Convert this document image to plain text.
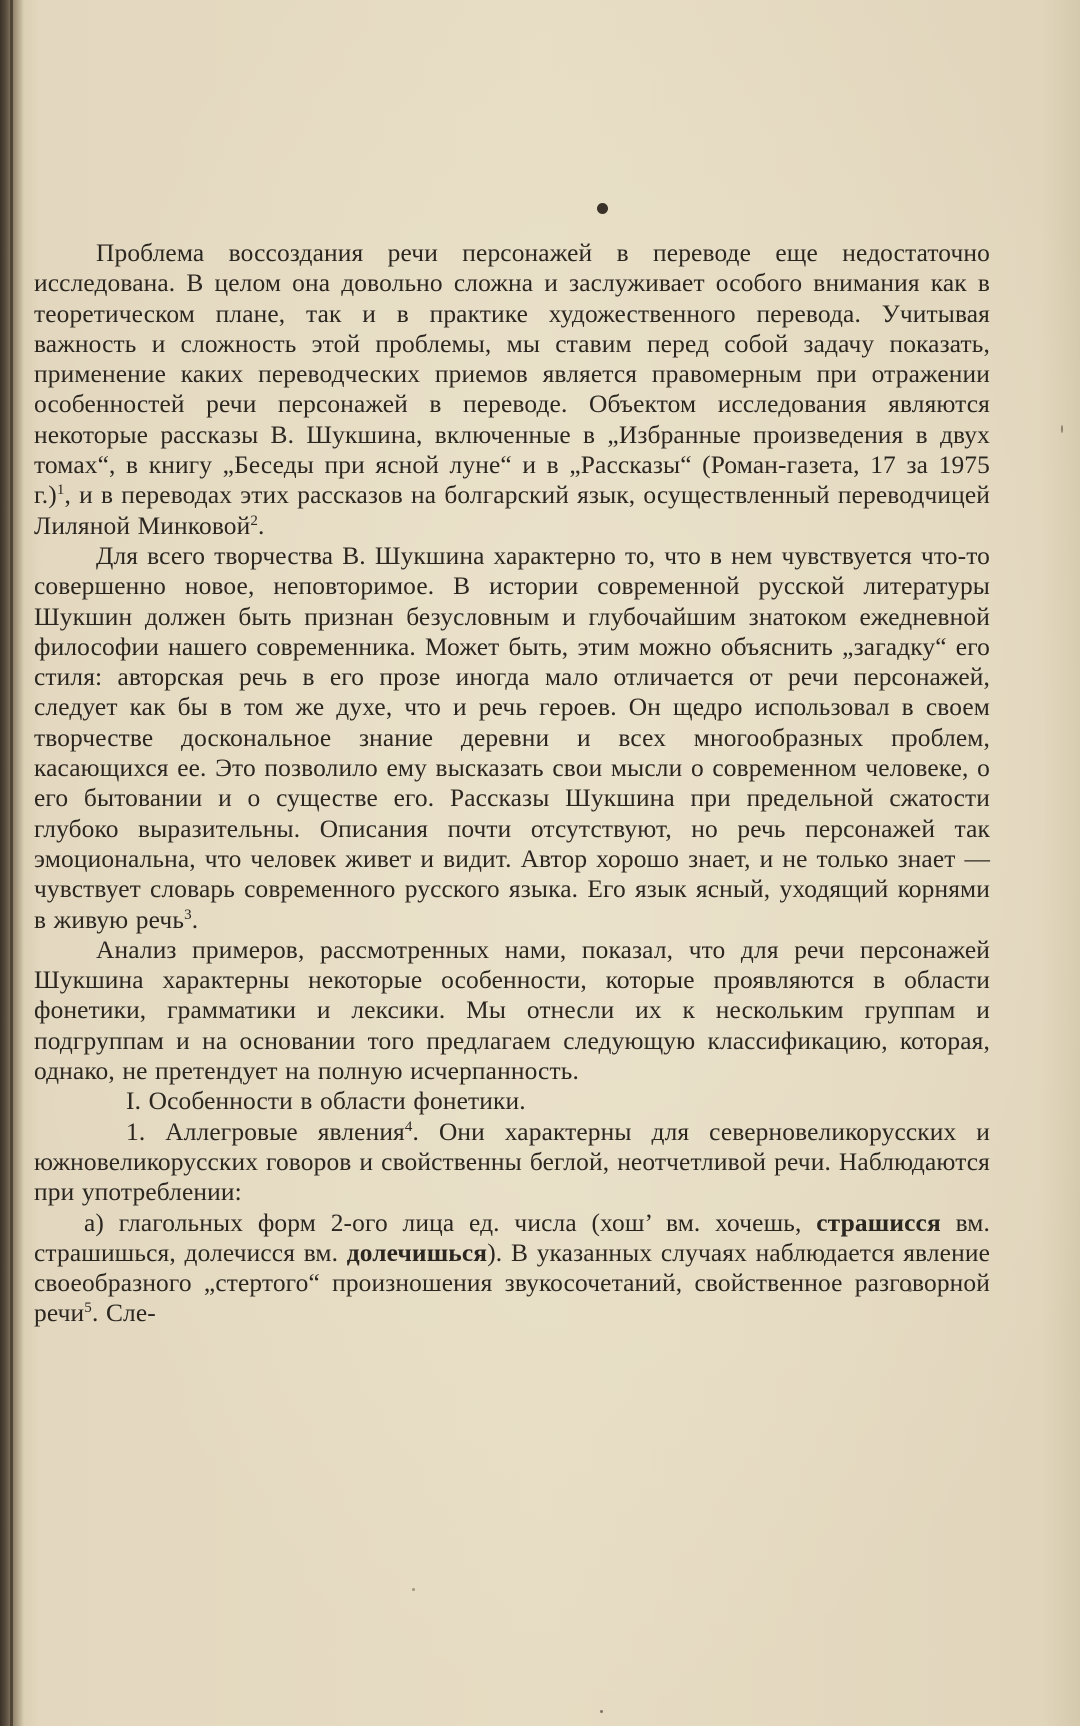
Проблема воссоздания речи персонажей в переводе еще недостаточно исследована. В целом она довольно сложна и заслуживает особого внимания как в теоретическом плане, так и в практике художественного перевода. Учитывая важность и сложность этой проблемы, мы ставим перед собой задачу показать, применение каких переводческих приемов является правомерным при отражении особенностей речи персонажей в переводе. Объектом исследования являются некоторые рассказы В. Шукшина, включенные в „Избранные произведения в двух томах“, в книгу „Беседы при ясной луне“ и в „Рассказы“ (Роман-газета, 17 за 1975 г.)$^1$, и в переводах этих рассказов на болгарский язык, осуществленный переводчицей Лиляной Минковой$^2$.

Для всего творчества В. Шукшина характерно то, что в нем чувствуется что-то совершенно новое, неповторимое. В истории современной русской литературы Шукшин должен быть признан безусловным и глубочайшим знатоком ежедневной философии нашего современника. Может быть, этим можно объяснить „загадку“ его стиля: авторская речь в его прозе иногда мало отличается от речи персонажей, следует как бы в том же духе, что и речь героев. Он щедро использовал в своем творчестве доскональное знание деревни и всех многообразных проблем, касающихся ее. Это позволило ему высказать свои мысли о современном человеке, о его бытовании и о существе его. Рассказы Шукшина при предельной сжатости глубоко выразительны. Описания почти отсутствуют, но речь персонажей так эмоциональна, что человек живет и видит. Автор хорошо знает, и не только знает — чувствует словарь современного русского языка. Его язык ясный, уходящий корнями в живую речь$^3$.

Анализ примеров, рассмотренных нами, показал, что для речи персонажей Шукшина характерны некоторые особенности, которые проявляются в области фонетики, грамматики и лексики. Мы отнесли их к нескольким группам и подгруппам и на основании того предлагаем следующую классификацию, которая, однако, не претендует на полную исчерпанность.

I. Особенности в области фонетики.

1. Аллегровые явления$^4$. Они характерны для северновеликорусских и южновеликорусских говоров и свойственны беглой, неотчетливой речи. Наблюдаются при употреблении:

а) глагольных форм 2-ого лица ед. числа (хош’ вм. хочешь, страшисся вм. страшишься, долечисся вм. долечишься). В указанных случаях наблюдается явление своеобразного „стертого“ произношения звукосочетаний, свойственное разговорной речи$^5$. Сле-
